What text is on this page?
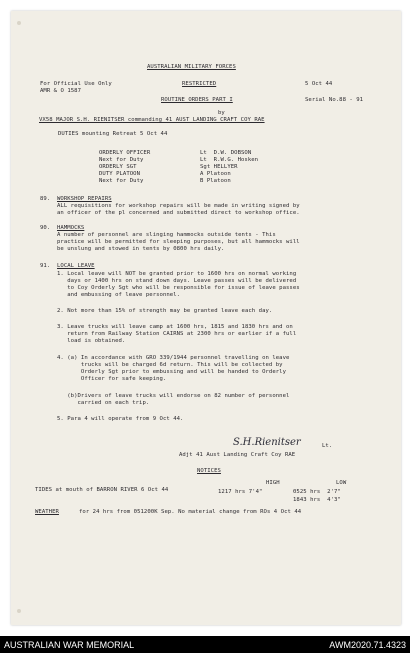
AUSTRALIAN MILITARY FORCES
For Official Use Only
AMR & O 1587
RESTRICTED	5 Oct 44
ROUTINE ORDERS PART I	Serial No.88 - 91
by
VX58 MAJOR S.H. RIENITSER commanding 41 AUST LANDING CRAFT COY RAE
DUTIES mounting Retreat 5 Oct 44
ORDERLY OFFICER	Lt  D.W. DOBSON
Next for Duty	Lt  R.W.G. Hosken
ORDERLY SGT	Sgt HELLYER
DUTY PLATOON	A Platoon
Next for Duty	B Platoon
89. WORKSHOP REPAIRS
ALL requisitions for workshop repairs will be made in writing signed by
an officer of the pl concerned and submitted direct to workshop office.
90. HAMMOCKS
A number of personnel are slinging hammocks outside tents - This
practice will be permitted for sleeping purposes, but all hammocks will
be unslung and stowed in tents by 0800 hrs daily.
91. LOCAL LEAVE
1. Local leave will NOT be granted prior to 1600 hrs on normal working
days or 1400 hrs on stand down days. Leave passes will be delivered
to Coy Orderly Sgt who will be responsible for issue of leave passes
and embussing of leave personnel.
2. Not more than 15% of strength may be granted leave each day.
3. Leave trucks will leave camp at 1600 hrs, 1815 and 1830 hrs and on
return from Railway Station CAIRNS at 2300 hrs or earlier if a full
load is obtained.
4. (a) In accordance with GRO 339/1944 personnel travelling on leave
trucks will be charged 6d return. This will be collected by
Orderly Sgt prior to embussing and will be handed to Orderly
Officer for safe keeping.
(b)Drivers of leave trucks will endorse on 82 number of personnel
carried on each trip.
5. Para 4 will operate from 9 Oct 44.
S.H.Rienitser	Lt.
Adjt 41 Aust Landing Craft Coy RAE
NOTICES
HIGH	LOW
TIDES at mouth of BARRON RIVER 6 Oct 44	1217 hrs 7'4"	0525 hrs  2'7"
1843 hrs  4'3"
WEATHER	for 24 hrs from 051200K Sep. No material change from ROs 4 Oct 44
AUSTRALIAN WAR MEMORIAL	AWM2020.71.4323
